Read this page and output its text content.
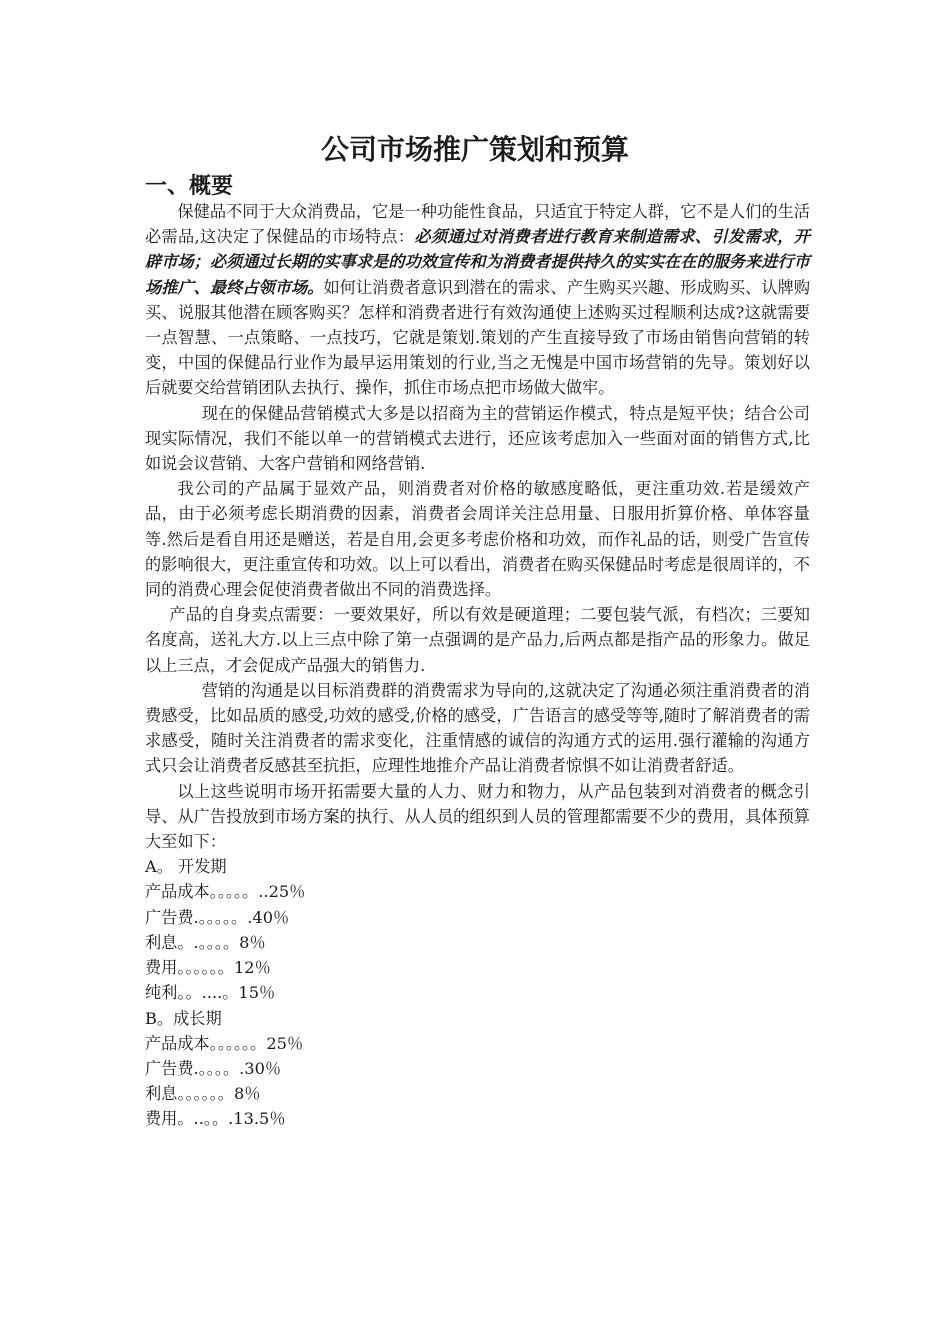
公司市场推广策划和预算
一、概要

保健品不同于大众消费品，它是一种功能性食品，只适宜于特定人群，它不是人们的生活必需品,这决定了保健品的市场特点：必须通过对消费者进行教育来制造需求、引发需求，开辟市场；必须通过长期的实事求是的功效宣传和为消费者提供持久的实实在在的服务来进行市场推广、最终占领市场。如何让消费者意识到潜在的需求、产生购买兴趣、形成购买、认牌购买、说服其他潜在顾客购买？怎样和消费者进行有效沟通使上述购买过程顺利达成?这就需要一点智慧、一点策略、一点技巧，它就是策划.策划的产生直接导致了市场由销售向营销的转变，中国的保健品行业作为最早运用策划的行业,当之无愧是中国市场营销的先导。策划好以后就要交给营销团队去执行、操作，抓住市场点把市场做大做牢。

现在的保健品营销模式大多是以招商为主的营销运作模式，特点是短平快；结合公司现实际情况，我们不能以单一的营销模式去进行，还应该考虑加入一些面对面的销售方式,比如说会议营销、大客户营销和网络营销.

我公司的产品属于显效产品，则消费者对价格的敏感度略低，更注重功效.若是缓效产品，由于必须考虑长期消费的因素，消费者会周详关注总用量、日服用折算价格、单体容量等.然后是看自用还是赠送，若是自用,会更多考虑价格和功效，而作礼品的话，则受广告宣传的影响很大，更注重宣传和功效。以上可以看出，消费者在购买保健品时考虑是很周详的，不同的消费心理会促使消费者做出不同的消费选择。

产品的自身卖点需要：一要效果好，所以有效是硬道理；二要包装气派，有档次；三要知名度高，送礼大方.以上三点中除了第一点强调的是产品力,后两点都是指产品的形象力。做足以上三点，才会促成产品强大的销售力.

营销的沟通是以目标消费群的消费需求为导向的,这就决定了沟通必须注重消费者的消费感受，比如品质的感受,功效的感受,价格的感受，广告语言的感受等等,随时了解消费者的需求感受，随时关注消费者的需求变化，注重情感的诚信的沟通方式的运用.强行灌输的沟通方式只会让消费者反感甚至抗拒，应理性地推介产品让消费者惊惧不如让消费者舒适。

以上这些说明市场开拓需要大量的人力、财力和物力，从产品包装到对消费者的概念引导、从广告投放到市场方案的执行、从人员的组织到人员的管理都需要不少的费用，具体预算大至如下：

A。 开发期

产品成本。。。。。..25％

广告费.。。。。。.40％

利息。.。。。。8％

费用。。。。。。12％

纯利。。....。15％

B。成长期

产品成本。。。。。。25％

广告费.。。。。.30％

利息。。。。。。8％

费用。..。。.13.5％
